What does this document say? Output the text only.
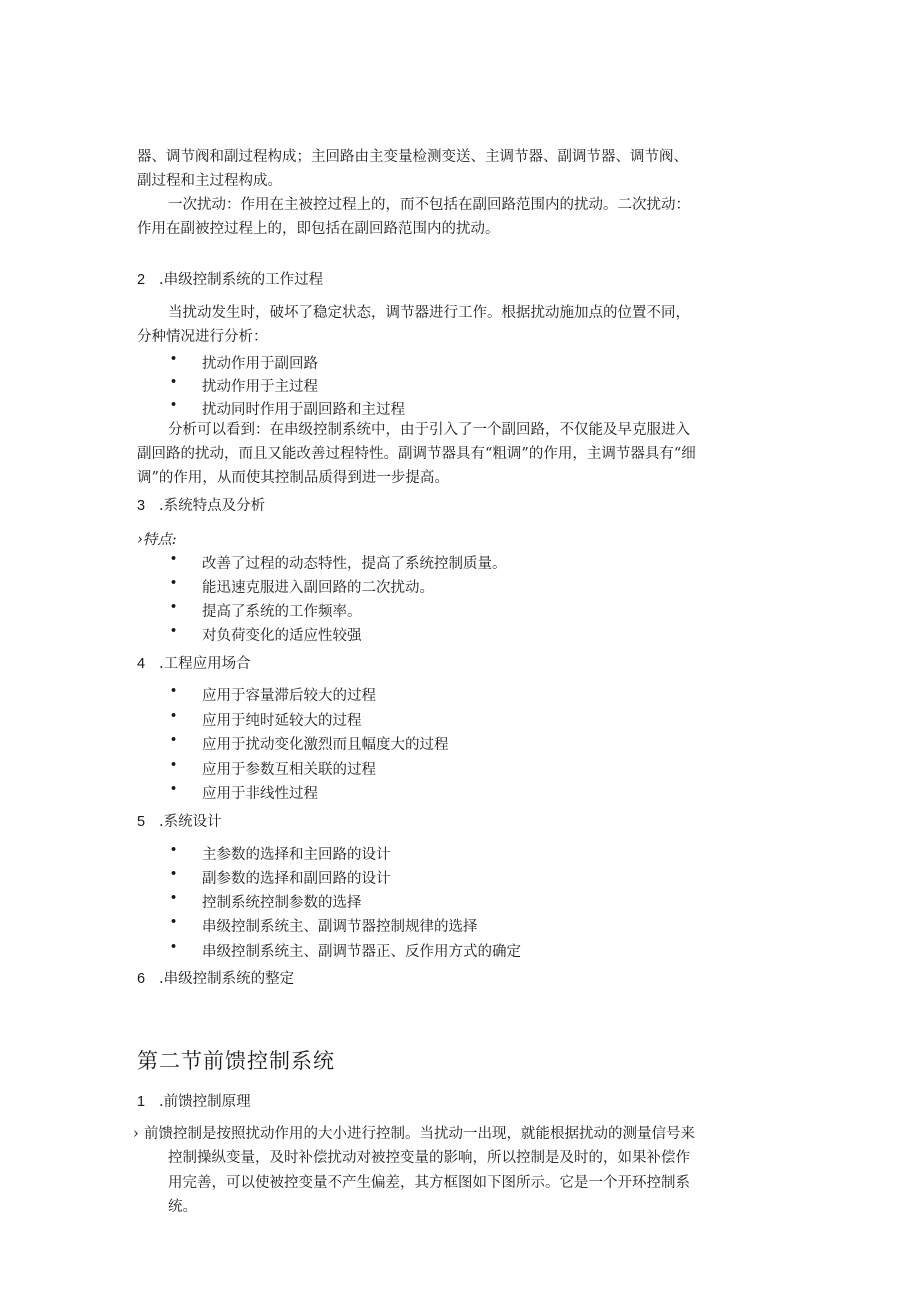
器、调节阀和副过程构成；主回路由主变量检测变送、主调节器、副调节器、调节阀、
副过程和主过程构成。
一次扰动：作用在主被控过程上的，而不包括在副回路范围内的扰动。二次扰动：
作用在副被控过程上的，即包括在副回路范围内的扰动。
2 .串级控制系统的工作过程
当扰动发生时，破坏了稳定状态，调节器进行工作。根据扰动施加点的位置不同，
分种情况进行分析：
• 扰动作用于副回路
• 扰动作用于主过程
• 扰动同时作用于副回路和主过程
分析可以看到：在串级控制系统中，由于引入了一个副回路，不仅能及早克服进入
副回路的扰动，而且又能改善过程特性。副调节器具有“粗调”的作用，主调节器具有“细
调”的作用，从而使其控制品质得到进一步提高。
3 .系统特点及分析
›特点:
• 改善了过程的动态特性，提高了系统控制质量。
• 能迅速克服进入副回路的二次扰动。
• 提高了系统的工作频率。
• 对负荷变化的适应性较强
4 .工程应用场合
• 应用于容量滞后较大的过程
• 应用于纯时延较大的过程
• 应用于扰动变化激烈而且幅度大的过程
• 应用于参数互相关联的过程
• 应用于非线性过程
5 .系统设计
• 主参数的选择和主回路的设计
• 副参数的选择和副回路的设计
• 控制系统控制参数的选择
• 串级控制系统主、副调节器控制规律的选择
• 串级控制系统主、副调节器正、反作用方式的确定
6 .串级控制系统的整定
第二节前馈控制系统
1 .前馈控制原理
› 前馈控制是按照扰动作用的大小进行控制。当扰动一出现，就能根据扰动的测量信号来
控制操纵变量，及时补偿扰动对被控变量的影响，所以控制是及时的，如果补偿作
用完善，可以使被控变量不产生偏差，其方框图如下图所示。它是一个开环控制系
统。
